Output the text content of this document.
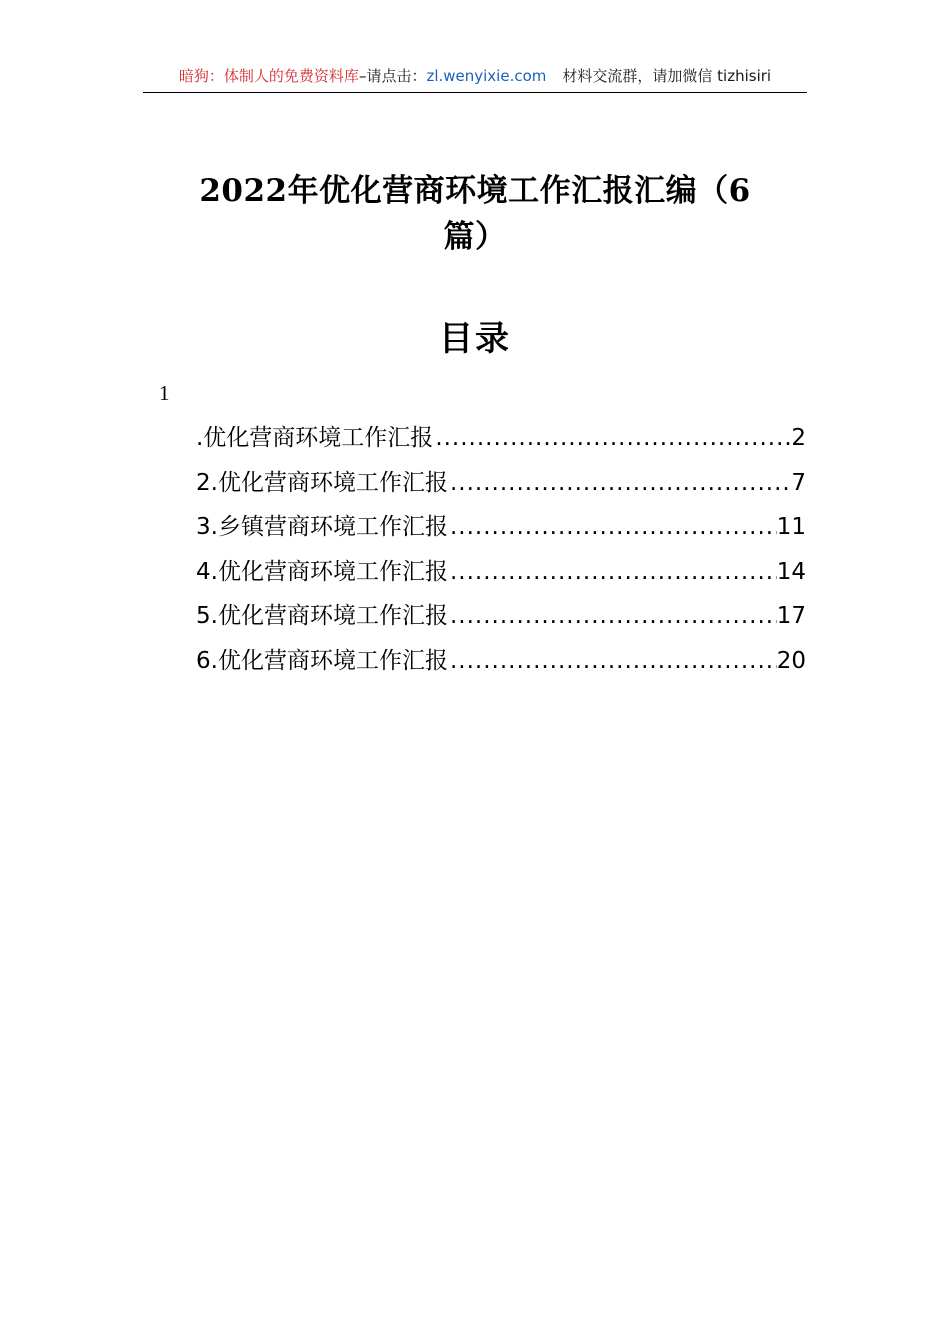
暗狗：体制人的免费资料库–请点击：zl.wenyixie.com 材料交流群，请加微信 tizhisiri
2022年优化营商环境工作汇报汇编（6
篇）
目录
1
.优化营商环境工作汇报 .....	2
2.优化营商环境工作汇报 .....	7
3.乡镇营商环境工作汇报 .....	11
4.优化营商环境工作汇报 .....	14
5.优化营商环境工作汇报 .....	17
6.优化营商环境工作汇报 .....	20
